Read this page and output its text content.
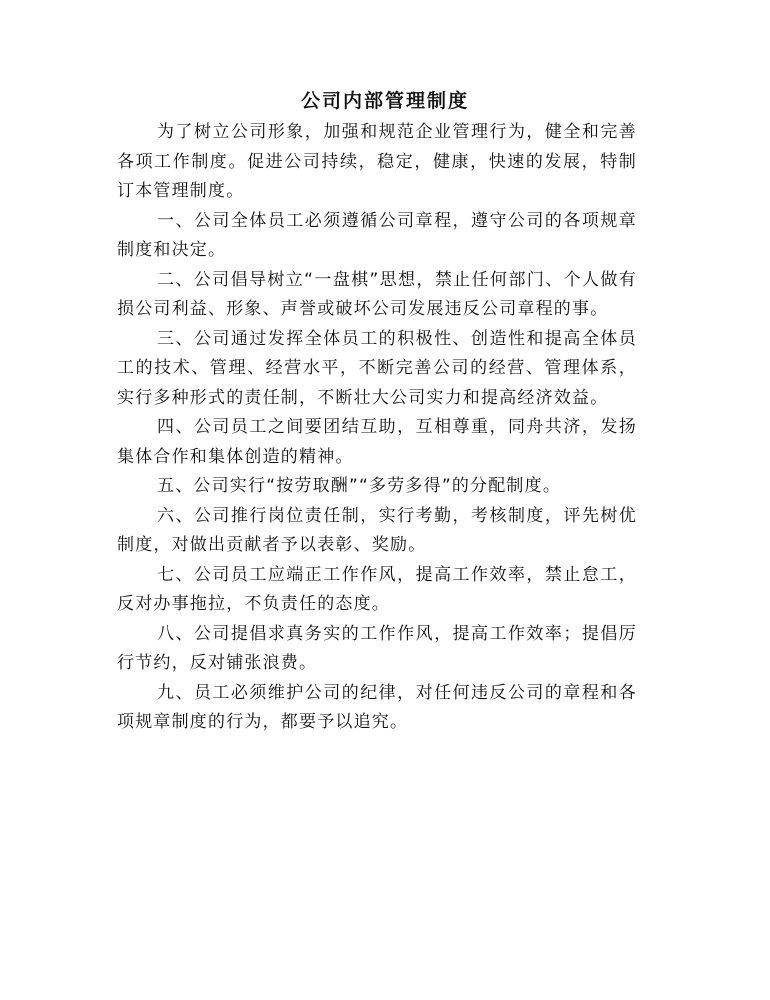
公司内部管理制度

为了树立公司形象，加强和规范企业管理行为，健全和完善各项工作制度。促进公司持续，稳定，健康，快速的发展，特制订本管理制度。

一、公司全体员工必须遵循公司章程，遵守公司的各项规章制度和决定。

二、公司倡导树立“一盘棋”思想，禁止任何部门、个人做有损公司利益、形象、声誉或破坏公司发展违反公司章程的事。

三、公司通过发挥全体员工的积极性、创造性和提高全体员工的技术、管理、经营水平，不断完善公司的经营、管理体系，实行多种形式的责任制，不断壮大公司实力和提高经济效益。

四、公司员工之间要团结互助，互相尊重，同舟共济，发扬集体合作和集体创造的精神。

五、公司实行“按劳取酬”“多劳多得”的分配制度。

六、公司推行岗位责任制，实行考勤，考核制度，评先树优制度，对做出贡献者予以表彰、奖励。

七、公司员工应端正工作作风，提高工作效率，禁止怠工，反对办事拖拉，不负责任的态度。

八、公司提倡求真务实的工作作风，提高工作效率；提倡厉行节约，反对铺张浪费。

九、员工必须维护公司的纪律，对任何违反公司的章程和各项规章制度的行为，都要予以追究。
